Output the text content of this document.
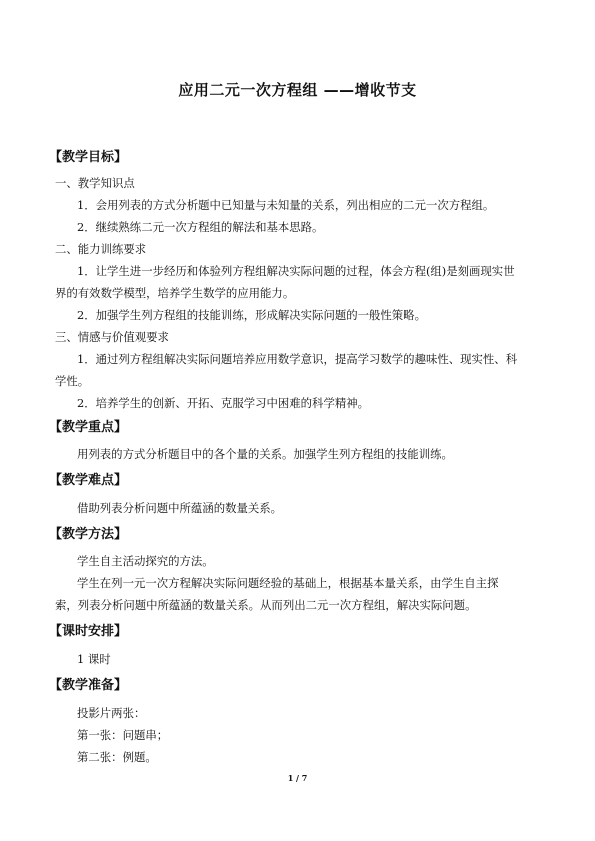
应用二元一次方程组 ——增收节支
【教学目标】
一、教学知识点
1．会用列表的方式分析题中已知量与未知量的关系，列出相应的二元一次方程组。
2．继续熟练二元一次方程组的解法和基本思路。
二、能力训练要求
1．让学生进一步经历和体验列方程组解决实际问题的过程，体会方程(组)是刻画现实世
界的有效数学模型，培养学生数学的应用能力。
2．加强学生列方程组的技能训练，形成解决实际问题的一般性策略。
三、情感与价值观要求
1．通过列方程组解决实际问题培养应用数学意识，提高学习数学的趣味性、现实性、科
学性。
2．培养学生的创新、开拓、克服学习中困难的科学精神。
【教学重点】
用列表的方式分析题目中的各个量的关系。加强学生列方程组的技能训练。
【教学难点】
借助列表分析问题中所蕴涵的数量关系。
【教学方法】
学生自主活动探究的方法。
学生在列一元一次方程解决实际问题经验的基础上，根据基本量关系，由学生自主探
索，列表分析问题中所蕴涵的数量关系。从而列出二元一次方程组，解决实际问题。
【课时安排】
1 课时
【教学准备】
投影片两张：
第一张：问题串；
第二张：例题。
1 / 7
